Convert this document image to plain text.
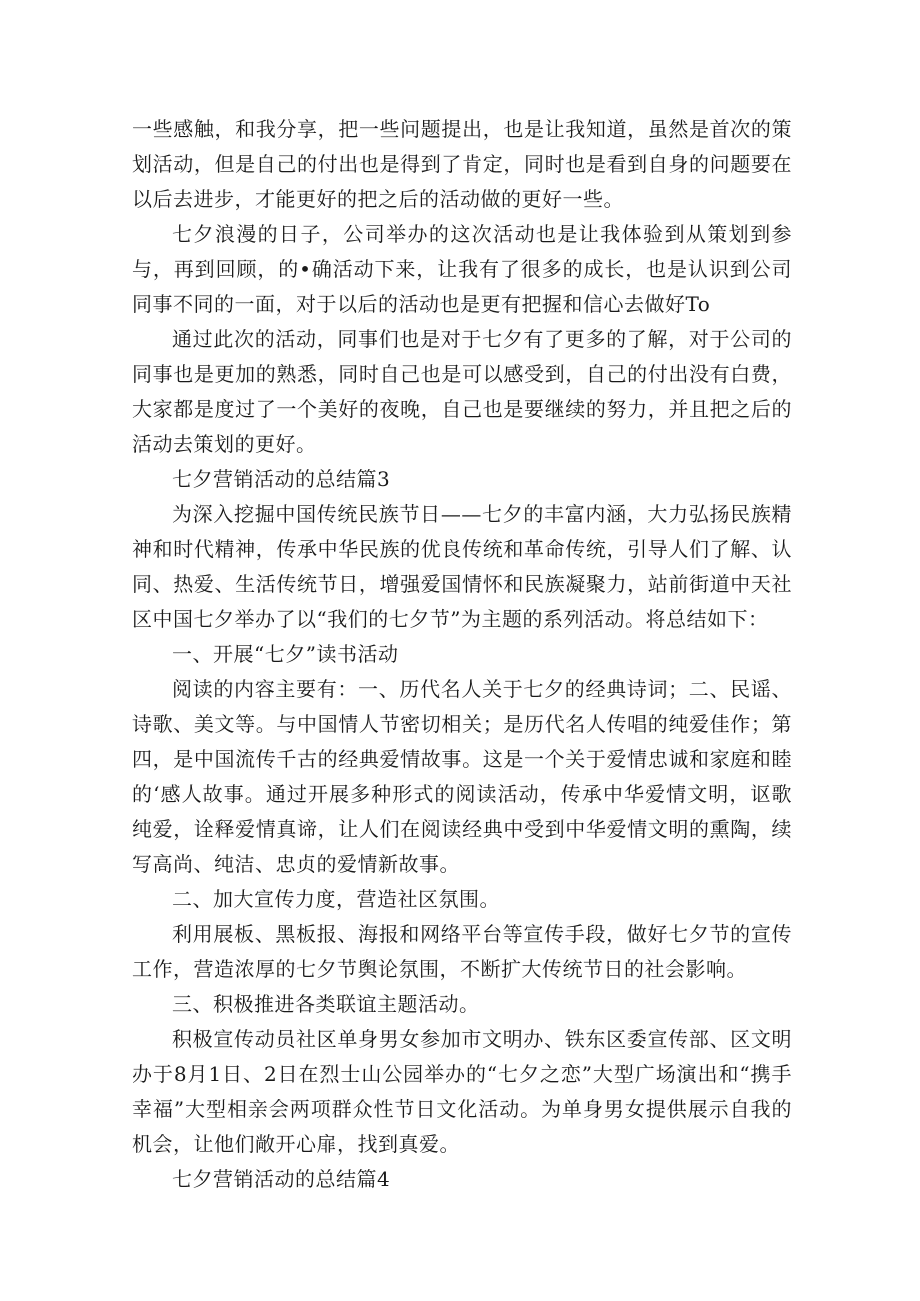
一些感触，和我分享，把一些问题提出，也是让我知道，虽然是首次的策划活动，但是自己的付出也是得到了肯定，同时也是看到自身的问题要在以后去进步，才能更好的把之后的活动做的更好一些。

七夕浪漫的日子，公司举办的这次活动也是让我体验到从策划到参与，再到回顾，的•确活动下来，让我有了很多的成长，也是认识到公司同事不同的一面，对于以后的活动也是更有把握和信心去做好To

通过此次的活动，同事们也是对于七夕有了更多的了解，对于公司的同事也是更加的熟悉，同时自己也是可以感受到，自己的付出没有白费，大家都是度过了一个美好的夜晚，自己也是要继续的努力，并且把之后的活动去策划的更好。

七夕营销活动的总结篇3

为深入挖掘中国传统民族节日——七夕的丰富内涵，大力弘扬民族精神和时代精神，传承中华民族的优良传统和革命传统，引导人们了解、认同、热爱、生活传统节日，增强爱国情怀和民族凝聚力，站前街道中天社区中国七夕举办了以“我们的七夕节”为主题的系列活动。将总结如下：

一、开展“七夕”读书活动

阅读的内容主要有：一、历代名人关于七夕的经典诗词；二、民谣、诗歌、美文等。与中国情人节密切相关；是历代名人传唱的纯爱佳作；第四，是中国流传千古的经典爱情故事。这是一个关于爱情忠诚和家庭和睦的‘感人故事。通过开展多种形式的阅读活动，传承中华爱情文明，讴歌纯爱，诠释爱情真谛，让人们在阅读经典中受到中华爱情文明的熏陶，续写高尚、纯洁、忠贞的爱情新故事。

二、加大宣传力度，营造社区氛围。

利用展板、黑板报、海报和网络平台等宣传手段，做好七夕节的宣传工作，营造浓厚的七夕节舆论氛围，不断扩大传统节日的社会影响。

三、积极推进各类联谊主题活动。

积极宣传动员社区单身男女参加市文明办、铁东区委宣传部、区文明办于8月1日、2日在烈士山公园举办的“七夕之恋”大型广场演出和“携手幸福”大型相亲会两项群众性节日文化活动。为单身男女提供展示自我的机会，让他们敞开心扉，找到真爱。

七夕营销活动的总结篇4
